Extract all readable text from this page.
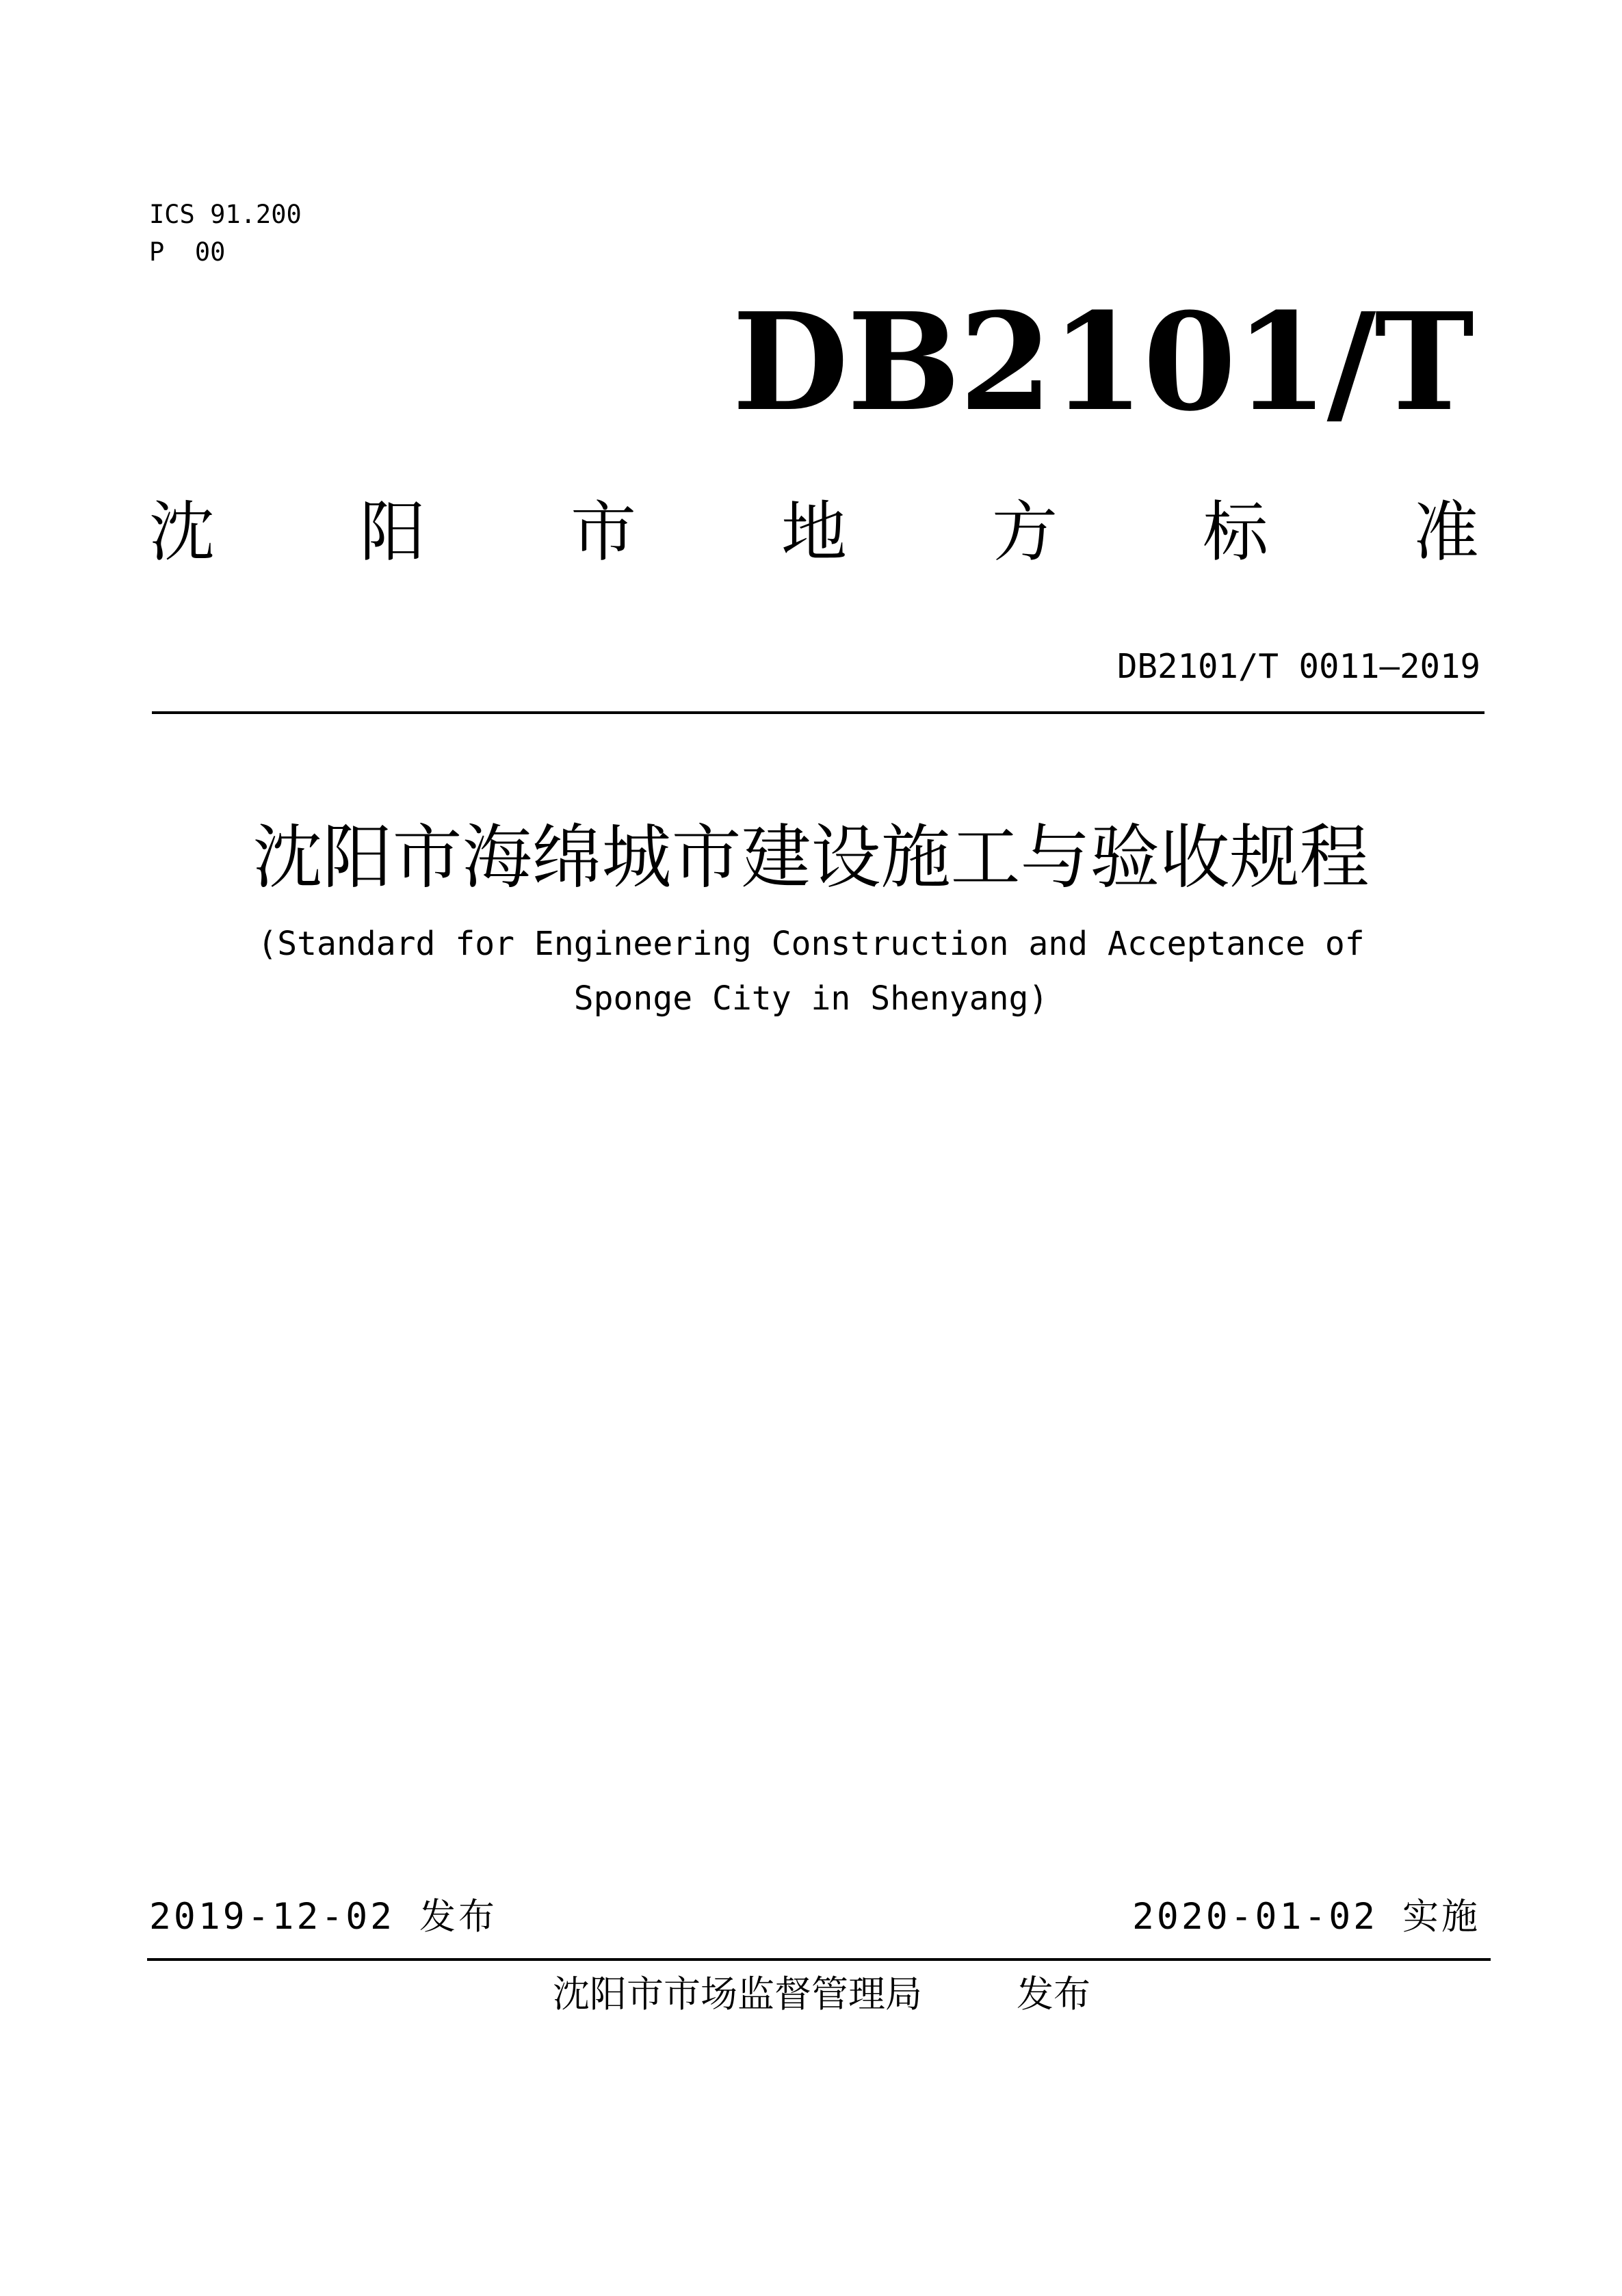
ICS 91.200
P  00
DB2101/T
沈 阳 市 地 方 标 准
DB2101/T 0011—2019
沈阳市海绵城市建设施工与验收规程
(Standard for Engineering Construction and Acceptance of
Sponge City in Shenyang)
2019-12-02 发布	2020-01-02 实施
沈阳市市场监督管理局	发布
